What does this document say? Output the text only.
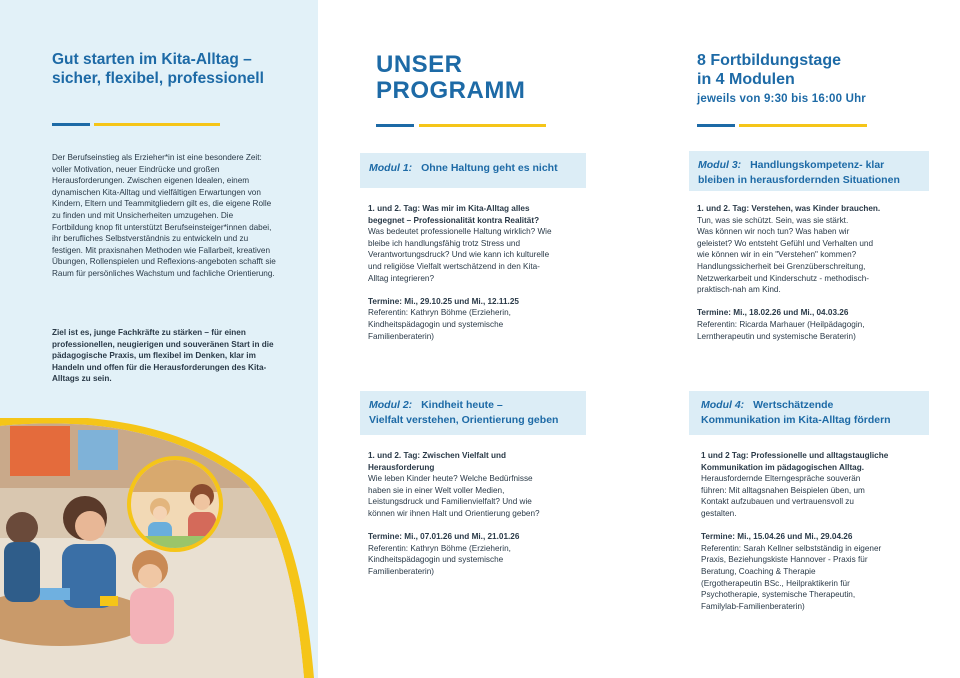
Gut starten im Kita-Alltag – sicher, flexibel, professionell

Der Berufseinstieg als Erzieher*in ist eine besondere Zeit: voller Motivation, neuer Eindrücke und großen Herausforderungen. Zwischen eigenen Idealen, einem dynamischen Kita-Alltag und vielfältigen Erwartungen von Kindern, Eltern und Teammitgliedern gilt es, die eigene Rolle zu finden und mit Unsicherheiten umzugehen. Die Fortbildung knop fit unterstützt Berufseinsteiger*innen dabei, ihr berufliches Selbstverständnis zu entwickeln und zu festigen. Mit praxisnahen Methoden wie Fallarbeit, kreativen Übungen, Rollenspielen und Reflexions-angeboten schafft sie Raum für persönliches Wachstum und fachliche Orientierung.

Ziel ist es, junge Fachkräfte zu stärken – für einen professionellen, neugierigen und souveränen Start in die pädagogische Praxis, um flexibel im Denken, klar im Handeln und offen für die Herausforderungen des Kita-Alltags zu sein.

UNSER
PROGRAMM
8 Fortbildungstage
in 4 Modulen

jeweils von 9:30 bis 16:00 Uhr

Modul 1: Ohne Haltung geht es nicht
1. und 2. Tag: Was mir im Kita-Alltag alles
begegnet – Professionalität kontra Realität?
Was bedeutet professionelle Haltung wirklich? Wie
bleibe ich handlungsfähig trotz Stress und
Verantwortungsdruck? Und wie kann ich kulturelle
und religiöse Vielfalt wertschätzend in den Kita-
Alltag integrieren?
Termine: Mi., 29.10.25 und Mi., 12.11.25
Referentin: Kathryn Böhme (Erzieherin,
Kindheitspädagogin und systemische
Familienberaterin)
Modul 2: Kindheit heute –
Vielfalt verstehen, Orientierung geben
1. und 2. Tag: Zwischen Vielfalt und
Herausforderung
Wie leben Kinder heute? Welche Bedürfnisse
haben sie in einer Welt voller Medien,
Leistungsdruck und Familienvielfalt? Und wie
können wir ihnen Halt und Orientierung geben?
Termine: Mi., 07.01.26 und Mi., 21.01.26
Referentin: Kathryn Böhme (Erzieherin,
Kindheitspädagogin und systemische
Familienberaterin)
Modul 3: Handlungskompetenz- klar
bleiben in herausfordernden Situationen
1. und 2. Tag: Verstehen, was Kinder brauchen.
Tun, was sie schützt. Sein, was sie stärkt.
Was können wir noch tun? Was haben wir
geleistet? Wo entsteht Gefühl und Verhalten und
wie können wir in ein "Verstehen" kommen?
Handlungssicherheit bei Grenzüberschreitung,
Netzwerkarbeit und Kinderschutz - methodisch-
praktisch-nah am Kind.
Termine: Mi., 18.02.26 und Mi., 04.03.26
Referentin: Ricarda Marhauer (Heilpädagogin,
Lerntherapeutin und systemische Beraterin)
Modul 4: Wertschätzende
Kommunikation im Kita-Alltag fördern
1 und 2 Tag: Professionelle und alltagstaugliche
Kommunikation im pädagogischen Alltag.
Herausfordernde Elterngespräche souverän
führen: Mit alltagsnahen Beispielen üben, um
Kontakt aufzubauen und vertrauensvoll zu
gestalten.
Termine: Mi., 15.04.26 und Mi., 29.04.26
Referentin: Sarah Kellner selbstständig in eigener
Praxis, Beziehungskiste Hannover - Praxis für
Beratung, Coaching & Therapie
(Ergotherapeutin BSc., Heilpraktikerin für
Psychotherapie, systemische Therapeutin,
Familylab-Familienberaterin)
